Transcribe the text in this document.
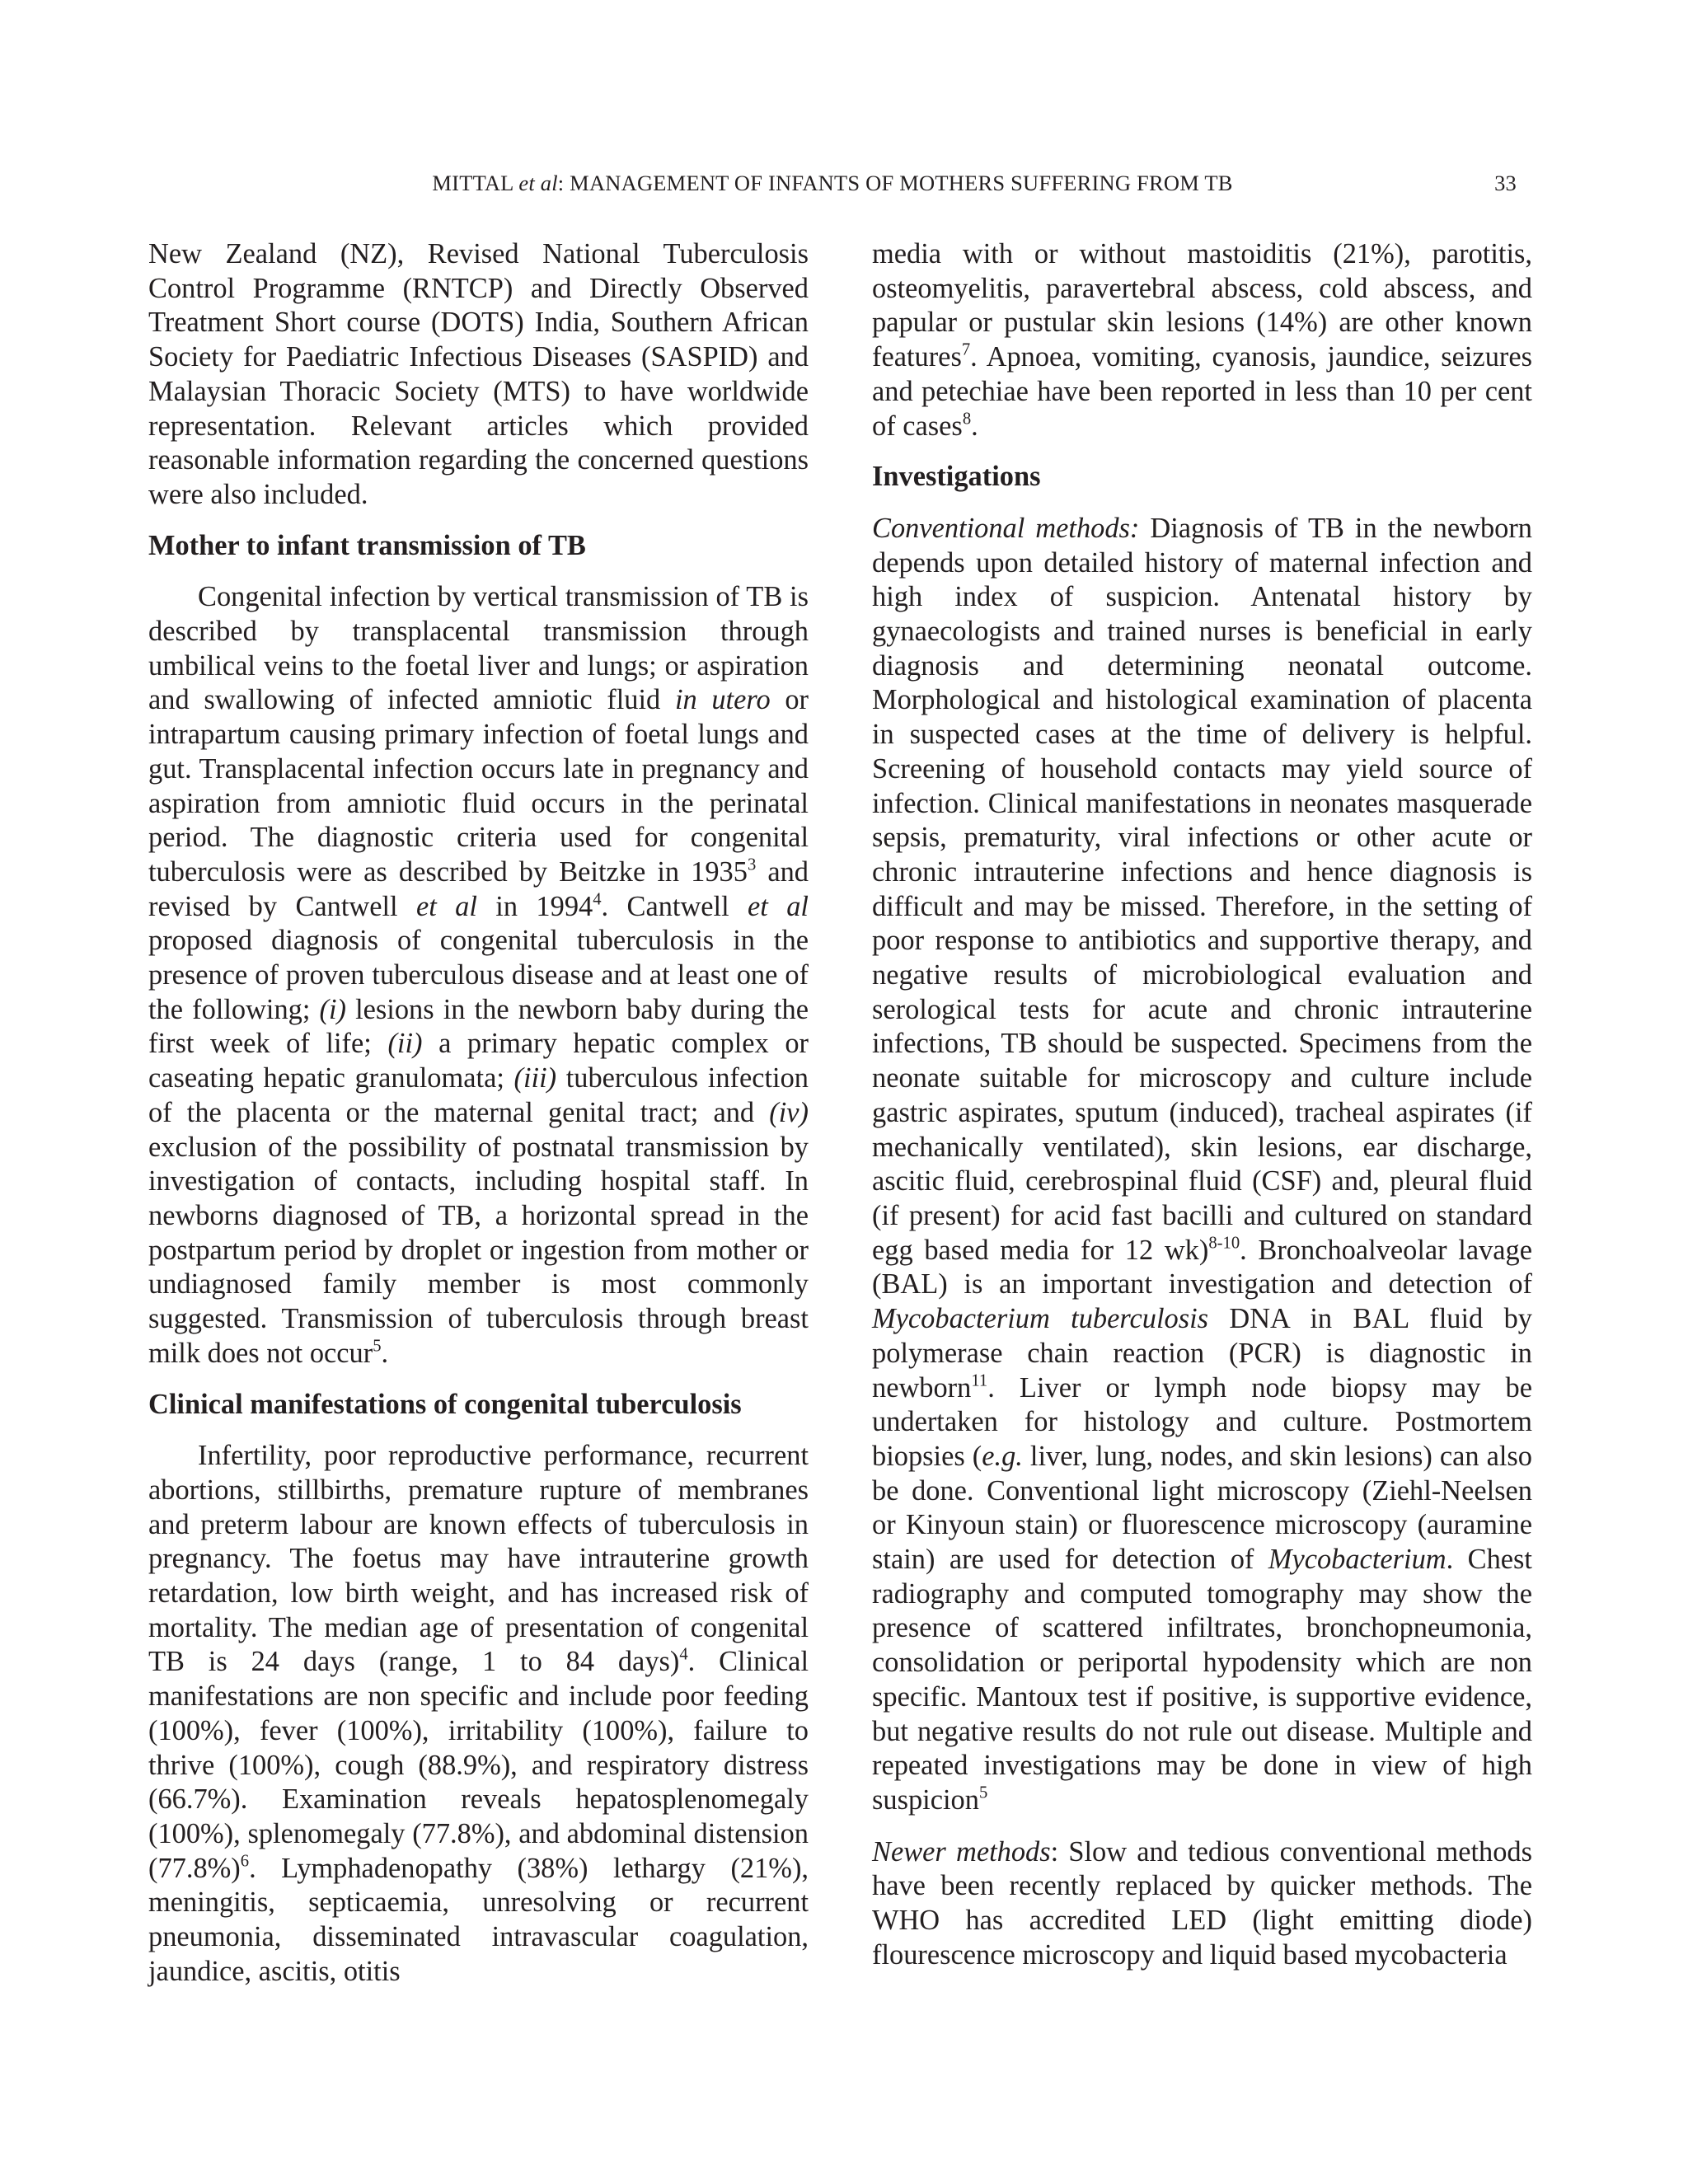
MITTAL et al: MANAGEMENT OF INFANTS OF MOTHERS SUFFERING FROM TB	33

New Zealand (NZ), Revised National Tuberculosis Control Programme (RNTCP) and Directly Observed Treatment Short course (DOTS) India, Southern African Society for Paediatric Infectious Diseases (SASPID) and Malaysian Thoracic Society (MTS) to have worldwide representation. Relevant articles which provided reasonable information regarding the concerned questions were also included.

Mother to infant transmission of TB

Congenital infection by vertical transmission of TB is described by transplacental transmission through umbilical veins to the foetal liver and lungs; or aspiration and swallowing of infected amniotic fluid in utero or intrapartum causing primary infection of foetal lungs and gut. Transplacental infection occurs late in pregnancy and aspiration from amniotic fluid occurs in the perinatal period. The diagnostic criteria used for congenital tuberculosis were as described by Beitzke in 1935$^3$ and revised by Cantwell et al in 1994$^4$. Cantwell et al proposed diagnosis of congenital tuberculosis in the presence of proven tuberculous disease and at least one of the following; (i) lesions in the newborn baby during the first week of life; (ii) a primary hepatic complex or caseating hepatic granulomata; (iii) tuberculous infection of the placenta or the maternal genital tract; and (iv) exclusion of the possibility of postnatal transmission by investigation of contacts, including hospital staff. In newborns diagnosed of TB, a horizontal spread in the postpartum period by droplet or ingestion from mother or undiagnosed family member is most commonly suggested. Transmission of tuberculosis through breast milk does not occur$^5$.

Clinical manifestations of congenital tuberculosis

Infertility, poor reproductive performance, recurrent abortions, stillbirths, premature rupture of membranes and preterm labour are known effects of tuberculosis in pregnancy. The foetus may have intrauterine growth retardation, low birth weight, and has increased risk of mortality. The median age of presentation of congenital TB is 24 days (range, 1 to 84 days)$^4$. Clinical manifestations are non specific and include poor feeding (100%), fever (100%), irritability (100%), failure to thrive (100%), cough (88.9%), and respiratory distress (66.7%). Examination reveals hepatosplenomegaly (100%), splenomegaly (77.8%), and abdominal distension $(77.8\%)^6$. Lymphadenopathy (38%) lethargy (21%), meningitis, septicaemia, unresolving or recurrent pneumonia, disseminated intravascular coagulation, jaundice, ascitis, otitis

media with or without mastoiditis (21%), parotitis, osteomyelitis, paravertebral abscess, cold abscess, and papular or pustular skin lesions (14%) are other known features$^7$. Apnoea, vomiting, cyanosis, jaundice, seizures and petechiae have been reported in less than 10 per cent of cases$^8$.

Investigations

Conventional methods: Diagnosis of TB in the newborn depends upon detailed history of maternal infection and high index of suspicion. Antenatal history by gynaecologists and trained nurses is beneficial in early diagnosis and determining neonatal outcome. Morphological and histological examination of placenta in suspected cases at the time of delivery is helpful. Screening of household contacts may yield source of infection. Clinical manifestations in neonates masquerade sepsis, prematurity, viral infections or other acute or chronic intrauterine infections and hence diagnosis is difficult and may be missed. Therefore, in the setting of poor response to antibiotics and supportive therapy, and negative results of microbiological evaluation and serological tests for acute and chronic intrauterine infections, TB should be suspected. Specimens from the neonate suitable for microscopy and culture include gastric aspirates, sputum (induced), tracheal aspirates (if mechanically ventilated), skin lesions, ear discharge, ascitic fluid, cerebrospinal fluid (CSF) and, pleural fluid (if present) for acid fast bacilli and cultured on standard egg based media for 12 wk)$^{8-10}$. Bronchoalveolar lavage (BAL) is an important investigation and detection of Mycobacterium tuberculosis DNA in BAL fluid by polymerase chain reaction (PCR) is diagnostic in newborn$^{11}$. Liver or lymph node biopsy may be undertaken for histology and culture. Postmortem biopsies (e.g. liver, lung, nodes, and skin lesions) can also be done. Conventional light microscopy (Ziehl-Neelsen or Kinyoun stain) or fluorescence microscopy (auramine stain) are used for detection of Mycobacterium. Chest radiography and computed tomography may show the presence of scattered infiltrates, bronchopneumonia, consolidation or periportal hypodensity which are non specific. Mantoux test if positive, is supportive evidence, but negative results do not rule out disease. Multiple and repeated investigations may be done in view of high suspicion$^5$

Newer methods: Slow and tedious conventional methods have been recently replaced by quicker methods. The WHO has accredited LED (light emitting diode) flourescence microscopy and liquid based mycobacteria
